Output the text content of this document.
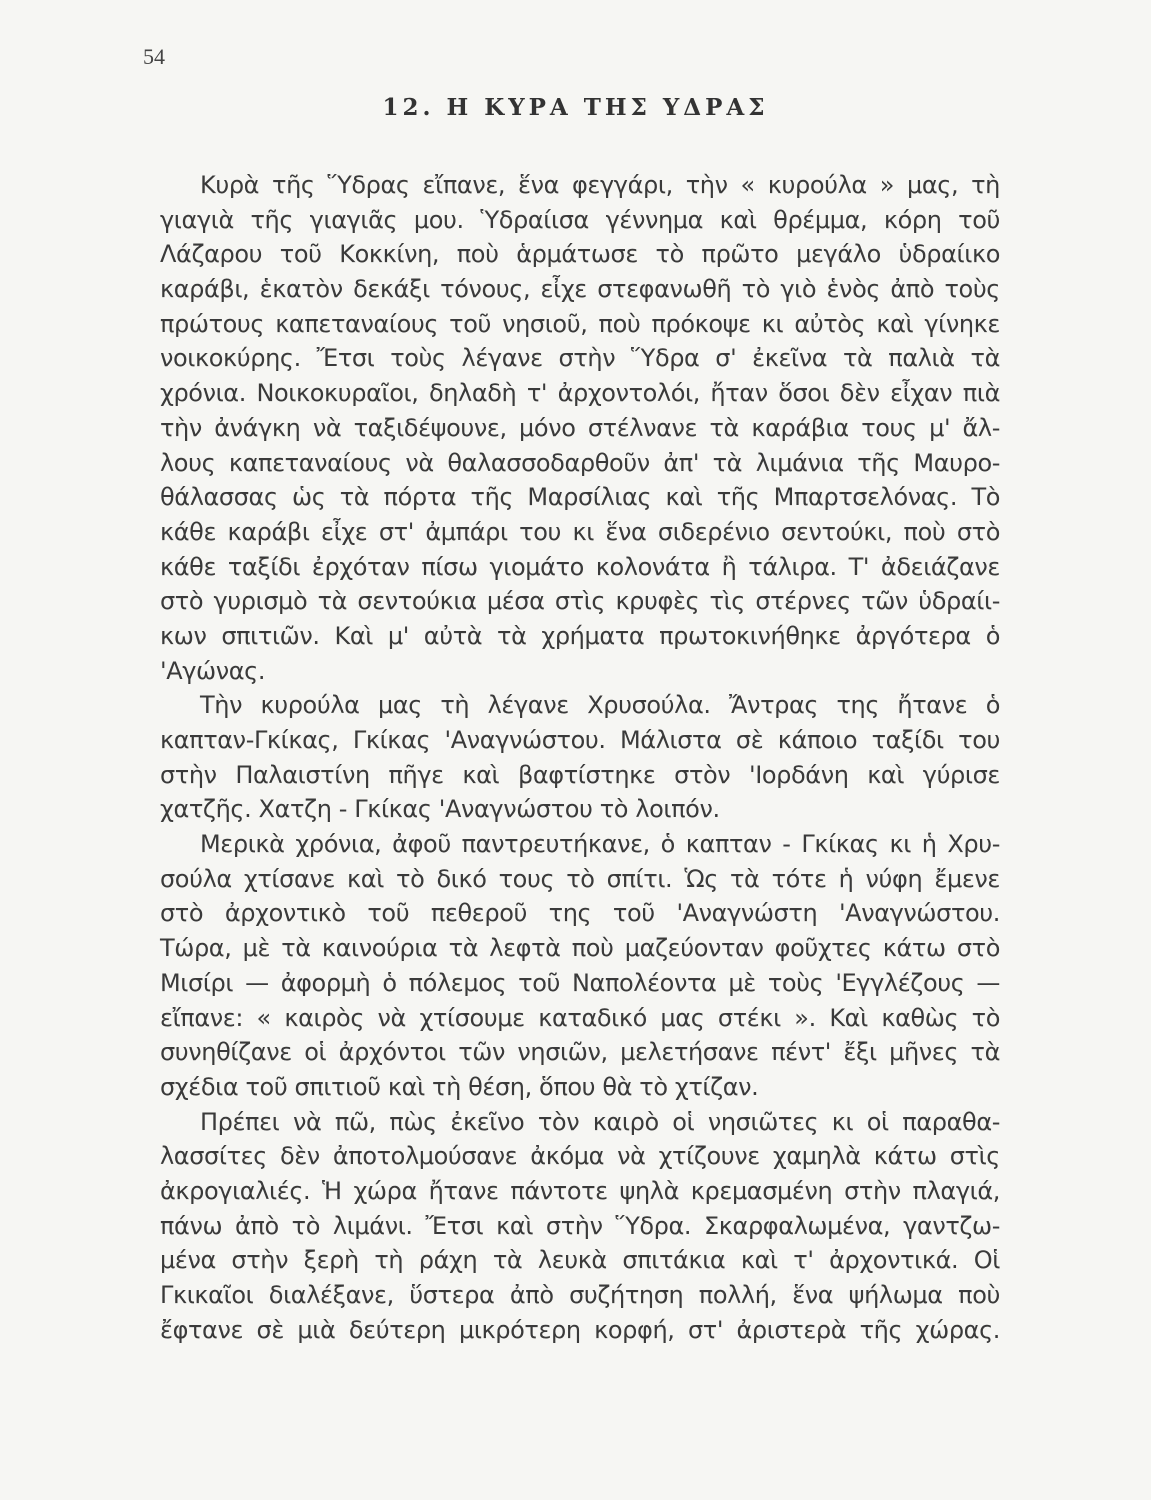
54
12. Η ΚΥΡΑ ΤΗΣ ΥΔΡΑΣ
Κυρὰ τῆς Ὕδρας εἴπανε, ἕνα φεγγάρι, τὴν « κυρούλα » μας, τὴ
γιαγιὰ τῆς γιαγιᾶς μου. Ὑδραίισα γέννημα καὶ θρέμμα, κόρη τοῦ
Λάζαρου τοῦ Κοκκίνη, ποὺ ἁρμάτωσε τὸ πρῶτο μεγάλο ὑδραίικο
καράβι, ἑκατὸν δεκάξι τόνους, εἶχε στεφανωθῆ τὸ γιὸ ἑνὸς ἀπὸ τοὺς
πρώτους καπεταναίους τοῦ νησιοῦ, ποὺ πρόκοψε κι αὐτὸς καὶ γίνηκε
νοικοκύρης. Ἔτσι τοὺς λέγανε στὴν Ὕδρα σ' ἐκεῖνα τὰ παλιὰ τὰ
χρόνια. Νοικοκυραῖοι, δηλαδὴ τ' ἀρχοντολόι, ἤταν ὅσοι δὲν εἶχαν πιὰ
τὴν ἀνάγκη νὰ ταξιδέψουνε, μόνο στέλνανε τὰ καράβια τους μ' ἄλ-
λους καπεταναίους νὰ θαλασσοδαρθοῦν ἀπ' τὰ λιμάνια τῆς Μαυρο-
θάλασσας ὡς τὰ πόρτα τῆς Μαρσίλιας καὶ τῆς Μπαρτσελόνας. Τὸ
κάθε καράβι εἶχε στ' ἀμπάρι του κι ἕνα σιδερένιο σεντούκι, ποὺ στὸ
κάθε ταξίδι ἐρχόταν πίσω γιομάτο κολονάτα ἢ τάλιρα. Τ' ἀδειάζανε
στὸ γυρισμὸ τὰ σεντούκια μέσα στὶς κρυφὲς τὶς στέρνες τῶν ὑδραίι-
κων σπιτιῶν. Καὶ μ' αὐτὰ τὰ χρήματα πρωτοκινήθηκε ἀργότερα ὁ
'Αγώνας.
Τὴν κυρούλα μας τὴ λέγανε Χρυσούλα. Ἄντρας της ἤτανε ὁ
καπταν-Γκίκας, Γκίκας 'Αναγνώστου. Μάλιστα σὲ κάποιο ταξίδι του
στὴν Παλαιστίνη πῆγε καὶ βαφτίστηκε στὸν 'Ιορδάνη καὶ γύρισε
χατζῆς. Χατζη - Γκίκας 'Αναγνώστου τὸ λοιπόν.
Μερικὰ χρόνια, ἀφοῦ παντρευτήκανε, ὁ καπταν - Γκίκας κι ἡ Χρυ-
σούλα χτίσανε καὶ τὸ δικό τους τὸ σπίτι. Ὡς τὰ τότε ἡ νύφη ἔμενε
στὸ ἀρχοντικὸ τοῦ πεθεροῦ της τοῦ 'Αναγνώστη 'Αναγνώστου.
Τώρα, μὲ τὰ καινούρια τὰ λεφτὰ ποὺ μαζεύονταν φοῦχτες κάτω στὸ
Μισίρι — ἀφορμὴ ὁ πόλεμος τοῦ Ναπολέοντα μὲ τοὺς 'Εγγλέζους —
εἴπανε: « καιρὸς νὰ χτίσουμε καταδικό μας στέκι ». Καὶ καθὼς τὸ
συνηθίζανε οἱ ἀρχόντοι τῶν νησιῶν, μελετήσανε πέντ' ἔξι μῆνες τὰ
σχέδια τοῦ σπιτιοῦ καὶ τὴ θέση, ὅπου θὰ τὸ χτίζαν.
Πρέπει νὰ πῶ, πὼς ἐκεῖνο τὸν καιρὸ οἱ νησιῶτες κι οἱ παραθα-
λασσίτες δὲν ἀποτολμούσανε ἀκόμα νὰ χτίζουνε χαμηλὰ κάτω στὶς
ἀκρογιαλιές. Ἡ χώρα ἤτανε πάντοτε ψηλὰ κρεμασμένη στὴν πλαγιά,
πάνω ἀπὸ τὸ λιμάνι. Ἔτσι καὶ στὴν Ὕδρα. Σκαρφαλωμένα, γαντζω-
μένα στὴν ξερὴ τὴ ράχη τὰ λευκὰ σπιτάκια καὶ τ' ἀρχοντικά. Οἱ
Γκικαῖοι διαλέξανε, ὕστερα ἀπὸ συζήτηση πολλή, ἕνα ψήλωμα ποὺ
ἔφτανε σὲ μιὰ δεύτερη μικρότερη κορφή, στ' ἀριστερὰ τῆς χώρας.
